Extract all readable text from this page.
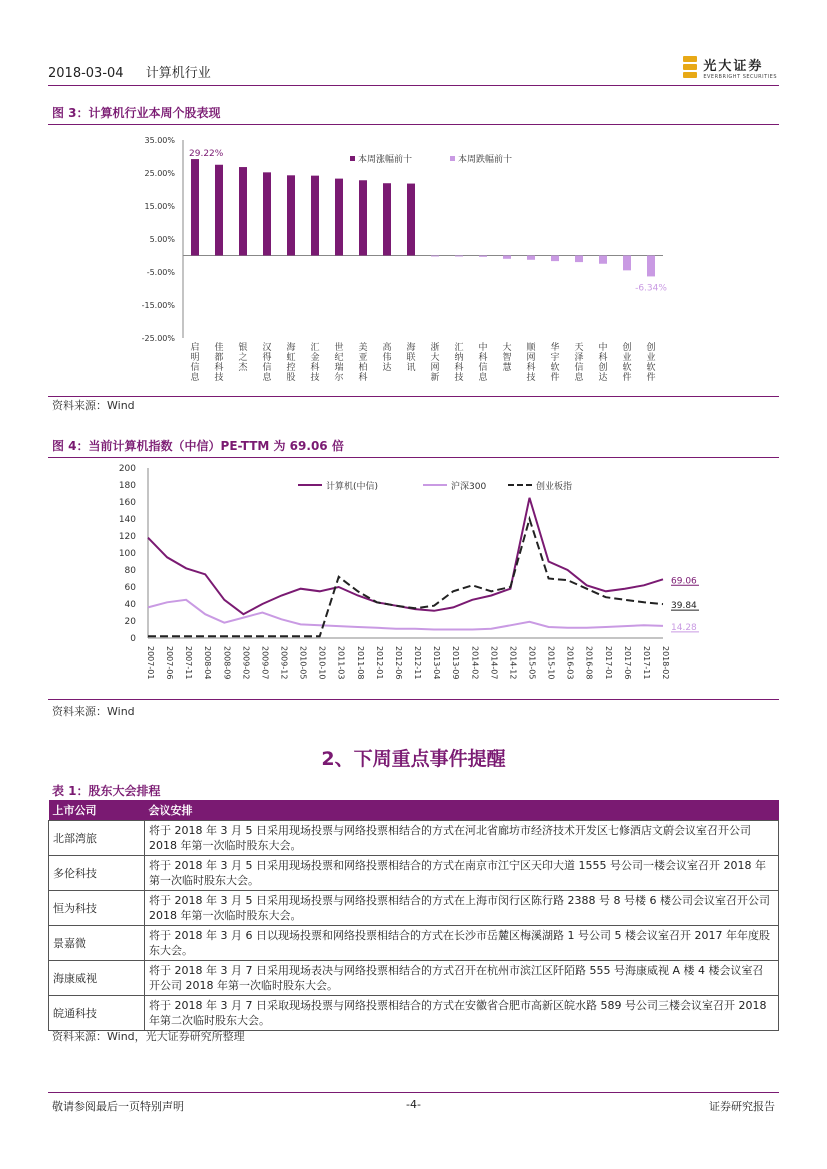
2018-03-04 计算机行业	光大证券
EVERBRIGHT SECURITIES
图 3：计算机行业本周个股表现
35.00%
25.00%
15.00%
5.00%
-5.00%
-15.00%
-25.00%
29.22%
-6.34%
启
明
信
息
佳
都
科
技
银
之
杰
汉
得
信
息
海
虹
控
股
汇
金
科
技
世
纪
瑞
尔
美
亚
柏
科
高
伟
达
海
联
讯
浙
大
网
新
汇
纳
科
技
中
科
信
息
大
智
慧
顺
网
科
技
华
宇
软
件
天
泽
信
息
中
科
创
达
创
业
软
件
创
业
软
件
本周涨幅前十	本周跌幅前十
资料来源：Wind
图 4：当前计算机指数（中信）PE-TTM 为 69.06 倍
0
20
40
60
80
100
120
140
160
180
200
69.06
14.28
39.84
2007-01 2007-06 2007-11 2008-04 2008-09 2009-02 2009-07 2009-12 2010-05 2010-10 2011-03 2011-08 2012-01 2012-06 2012-11 2013-04 2013-09 2014-02 2014-07 2014-12 2015-05 2015-10 2016-03 2016-08 2017-01 2017-06 2017-11 2018-02
计算机(中信)	沪深300	创业板指
资料来源：Wind
2、下周重点事件提醒
表 1：股东大会排程
上市公司	会议安排
北部湾旅	将于 2018 年 3 月 5 日采用现场投票与网络投票相结合的方式在河北省廊坊市经济技术开发区七修酒店文蔚会议室召开公司 2018 年第一次临时股东大会。
多伦科技	将于 2018 年 3 月 5 日采用现场投票和网络投票相结合的方式在南京市江宁区天印大道 1555 号公司一楼会议室召开 2018 年第一次临时股东大会。
恒为科技	将于 2018 年 3 月 5 日采用现场投票与网络投票相结合的方式在上海市闵行区陈行路 2388 号 8 号楼 6 楼公司会议室召开公司 2018 年第一次临时股东大会。
景嘉微	将于 2018 年 3 月 6 日以现场投票和网络投票相结合的方式在长沙市岳麓区梅溪湖路 1 号公司 5 楼会议室召开 2017 年年度股东大会。
海康威视	将于 2018 年 3 月 7 日采用现场表决与网络投票相结合的方式召开在杭州市滨江区阡陌路 555 号海康威视 A 楼 4 楼会议室召开公司 2018 年第一次临时股东大会。
皖通科技	将于 2018 年 3 月 7 日采取现场投票与网络投票相结合的方式在安徽省合肥市高新区皖水路 589 号公司三楼会议室召开 2018 年第二次临时股东大会。
资料来源：Wind，光大证券研究所整理
敬请参阅最后一页特别声明	-4-	证券研究报告
